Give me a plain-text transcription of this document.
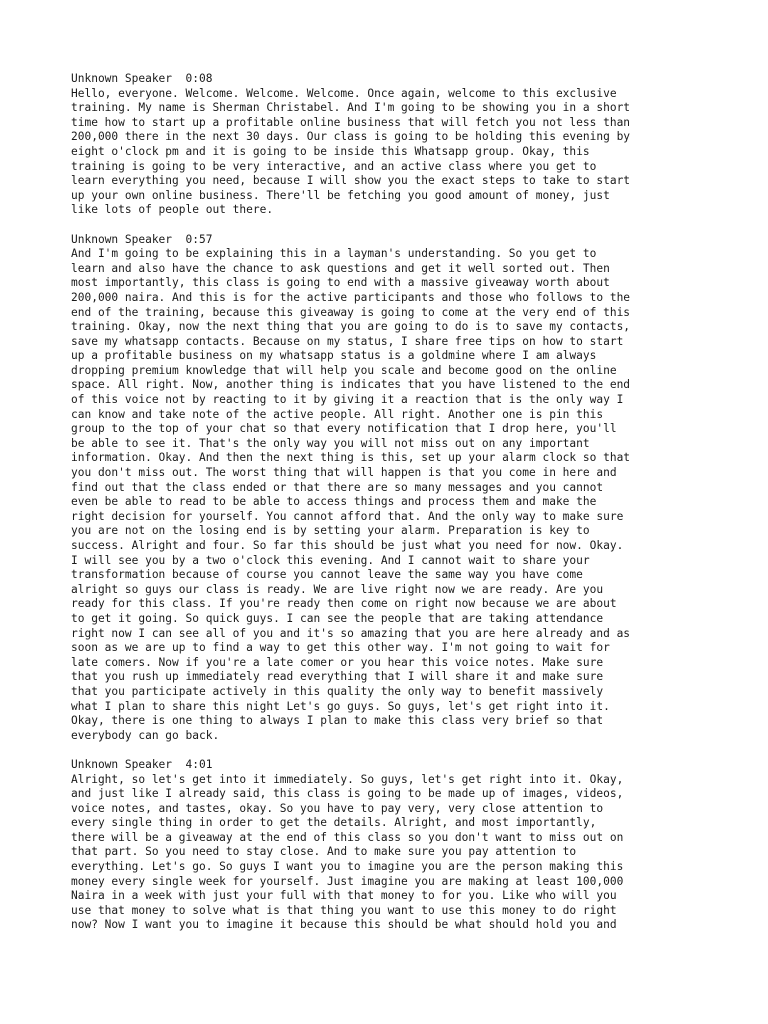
Unknown Speaker 0:08
Hello, everyone. Welcome. Welcome. Welcome. Once again, welcome to this exclusive
training. My name is Sherman Christabel. And I'm going to be showing you in a short
time how to start up a profitable online business that will fetch you not less than
200,000 there in the next 30 days. Our class is going to be holding this evening by
eight o'clock pm and it is going to be inside this Whatsapp group. Okay, this
training is going to be very interactive, and an active class where you get to
learn everything you need, because I will show you the exact steps to take to start
up your own online business. There'll be fetching you good amount of money, just
like lots of people out there.
Unknown Speaker 0:57
And I'm going to be explaining this in a layman's understanding. So you get to
learn and also have the chance to ask questions and get it well sorted out. Then
most importantly, this class is going to end with a massive giveaway worth about
200,000 naira. And this is for the active participants and those who follows to the
end of the training, because this giveaway is going to come at the very end of this
training. Okay, now the next thing that you are going to do is to save my contacts,
save my whatsapp contacts. Because on my status, I share free tips on how to start
up a profitable business on my whatsapp status is a goldmine where I am always
dropping premium knowledge that will help you scale and become good on the online
space. All right. Now, another thing is indicates that you have listened to the end
of this voice not by reacting to it by giving it a reaction that is the only way I
can know and take note of the active people. All right. Another one is pin this
group to the top of your chat so that every notification that I drop here, you'll
be able to see it. That's the only way you will not miss out on any important
information. Okay. And then the next thing is this, set up your alarm clock so that
you don't miss out. The worst thing that will happen is that you come in here and
find out that the class ended or that there are so many messages and you cannot
even be able to read to be able to access things and process them and make the
right decision for yourself. You cannot afford that. And the only way to make sure
you are not on the losing end is by setting your alarm. Preparation is key to
success. Alright and four. So far this should be just what you need for now. Okay.
I will see you by a two o'clock this evening. And I cannot wait to share your
transformation because of course you cannot leave the same way you have come
alright so guys our class is ready. We are live right now we are ready. Are you
ready for this class. If you're ready then come on right now because we are about
to get it going. So quick guys. I can see the people that are taking attendance
right now I can see all of you and it's so amazing that you are here already and as
soon as we are up to find a way to get this other way. I'm not going to wait for
late comers. Now if you're a late comer or you hear this voice notes. Make sure
that you rush up immediately read everything that I will share it and make sure
that you participate actively in this quality the only way to benefit massively
what I plan to share this night Let's go guys. So guys, let's get right into it.
Okay, there is one thing to always I plan to make this class very brief so that
everybody can go back.
Unknown Speaker 4:01
Alright, so let's get into it immediately. So guys, let's get right into it. Okay,
and just like I already said, this class is going to be made up of images, videos,
voice notes, and tastes, okay. So you have to pay very, very close attention to
every single thing in order to get the details. Alright, and most importantly,
there will be a giveaway at the end of this class so you don't want to miss out on
that part. So you need to stay close. And to make sure you pay attention to
everything. Let's go. So guys I want you to imagine you are the person making this
money every single week for yourself. Just imagine you are making at least 100,000
Naira in a week with just your full with that money to for you. Like who will you
use that money to solve what is that thing you want to use this money to do right
now? Now I want you to imagine it because this should be what should hold you and
